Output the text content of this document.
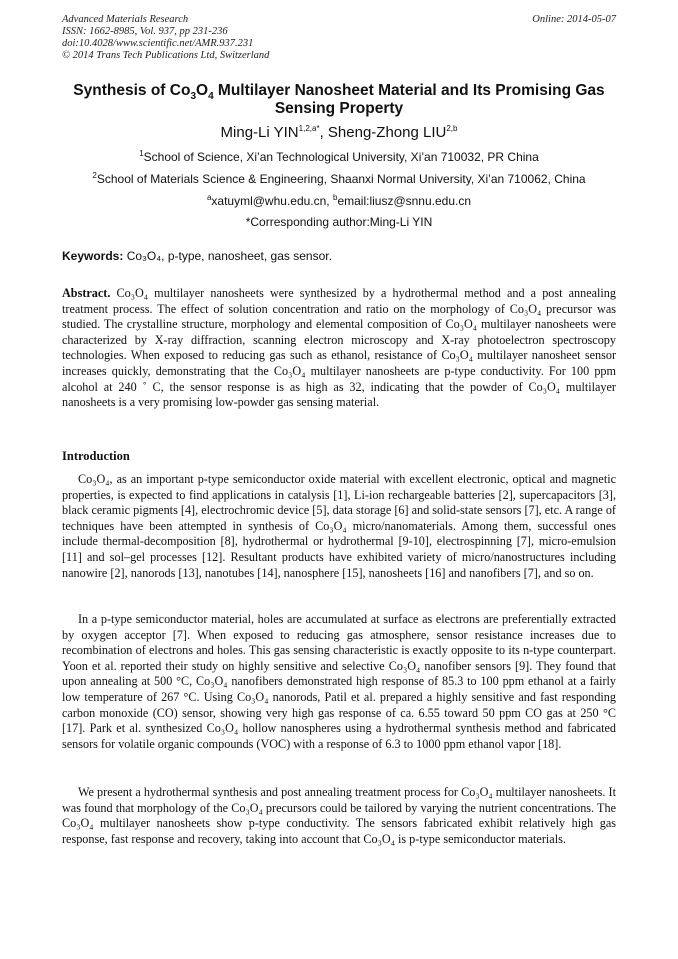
Advanced Materials Research
ISSN: 1662-8985, Vol. 937, pp 231-236
doi:10.4028/www.scientific.net/AMR.937.231
© 2014 Trans Tech Publications Ltd, Switzerland
Online: 2014-05-07
Synthesis of $Co_3O_4$ Multilayer Nanosheet Material and Its Promising Gas Sensing Property
Ming-Li $YIN^{1,2,a*}$, Sheng-Zhong LIU$^{2,b}$
$^1$School of Science, Xi’an Technological University, Xi’an 710032, PR China
$^2$School of Materials Science & Engineering, Shaanxi Normal University, Xi’an 710062, China
$^a$xatuyml@whu.edu.cn, $^b$email:liusz@snnu.edu.cn
*Corresponding author:Ming-Li YIN
Keywords: Co₃O₄, p-type, nanosheet, gas sensor.
Abstract. Co₃O₄ multilayer nanosheets were synthesized by a hydrothermal method and a post annealing treatment process. The effect of solution concentration and ratio on the morphology of Co₃O₄ precursor was studied. The crystalline structure, morphology and elemental composition of Co₃O₄ multilayer nanosheets were characterized by X-ray diffraction, scanning electron microscopy and X-ray photoelectron spectroscopy technologies. When exposed to reducing gas such as ethanol, resistance of Co₃O₄ multilayer nanosheet sensor increases quickly, demonstrating that the Co₃O₄ multilayer nanosheets are p-type conductivity. For 100 ppm alcohol at 240 ˚ C, the sensor response is as high as 32, indicating that the powder of Co₃O₄ multilayer nanosheets is a very promising low-powder gas sensing material.
Introduction
Co₃O₄, as an important p-type semiconductor oxide material with excellent electronic, optical and magnetic properties, is expected to find applications in catalysis [1], Li-ion rechargeable batteries [2], supercapacitors [3], black ceramic pigments [4], electrochromic device [5], data storage [6] and solid-state sensors [7], etc. A range of techniques have been attempted in synthesis of Co₃O₄ micro/nanomaterials. Among them, successful ones include thermal-decomposition [8], hydrothermal or hydrothermal [9-10], electrospinning [7], micro-emulsion [11] and sol–gel processes [12]. Resultant products have exhibited variety of micro/nanostructures including nanowire [2], nanorods [13], nanotubes [14], nanosphere [15], nanosheets [16] and nanofibers [7], and so on.
In a p-type semiconductor material, holes are accumulated at surface as electrons are preferentially extracted by oxygen acceptor [7]. When exposed to reducing gas atmosphere, sensor resistance increases due to recombination of electrons and holes. This gas sensing characteristic is exactly opposite to its n-type counterpart. Yoon et al. reported their study on highly sensitive and selective Co₃O₄ nanofiber sensors [9]. They found that upon annealing at 500 °C, Co₃O₄ nanofibers demonstrated high response of 85.3 to 100 ppm ethanol at a fairly low temperature of 267 °C. Using Co₃O₄ nanorods, Patil et al. prepared a highly sensitive and fast responding carbon monoxide (CO) sensor, showing very high gas response of ca. 6.55 toward 50 ppm CO gas at 250 °C [17]. Park et al. synthesized Co₃O₄ hollow nanospheres using a hydrothermal synthesis method and fabricated sensors for volatile organic compounds (VOC) with a response of 6.3 to 1000 ppm ethanol vapor [18].
We present a hydrothermal synthesis and post annealing treatment process for Co₃O₄ multilayer nanosheets. It was found that morphology of the Co₃O₄ precursors could be tailored by varying the nutrient concentrations. The Co₃O₄ multilayer nanosheets show p-type conductivity. The sensors fabricated exhibit relatively high gas response, fast response and recovery, taking into account that Co₃O₄ is p-type semiconductor materials.
